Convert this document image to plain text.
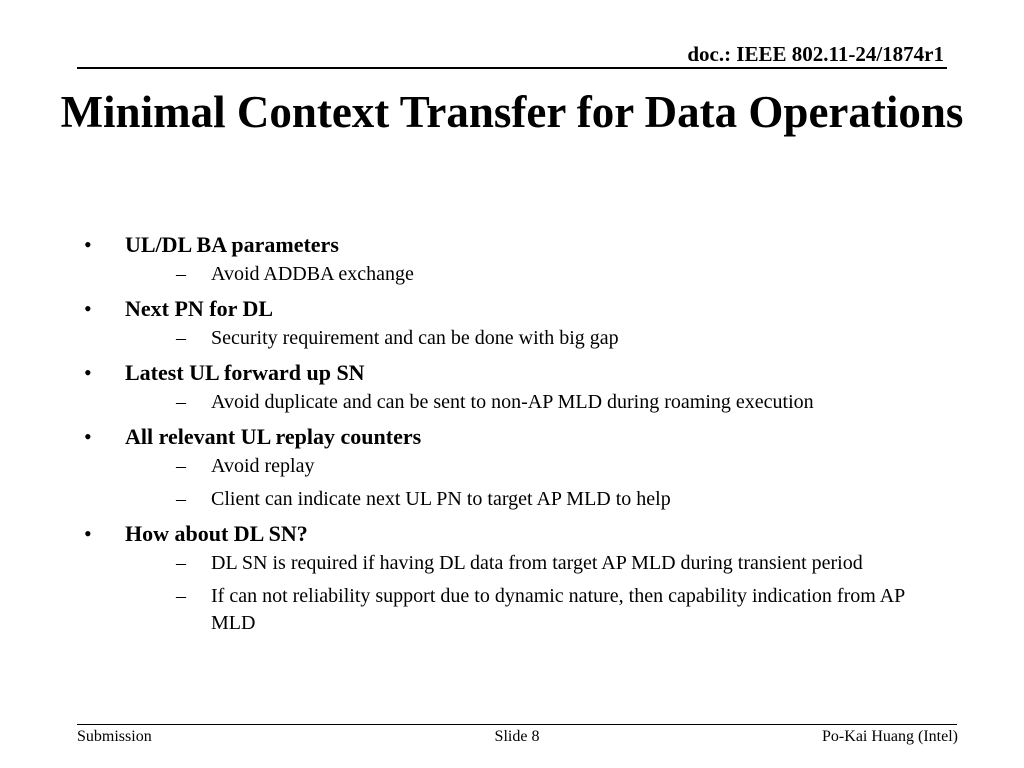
doc.: IEEE 802.11-24/1874r1
Minimal Context Transfer for Data Operations
• UL/DL BA parameters
– Avoid ADDBA exchange
• Next PN for DL
– Security requirement and can be done with big gap
• Latest UL forward up SN
– Avoid duplicate and can be sent to non-AP MLD during roaming execution
• All relevant UL replay counters
– Avoid replay
– Client can indicate next UL PN to target AP MLD to help
• How about DL SN?
– DL SN is required if having DL data from target AP MLD during transient period
– If can not reliability support due to dynamic nature, then capability indication from AP MLD
Submission	Slide 8	Po-Kai Huang (Intel)
